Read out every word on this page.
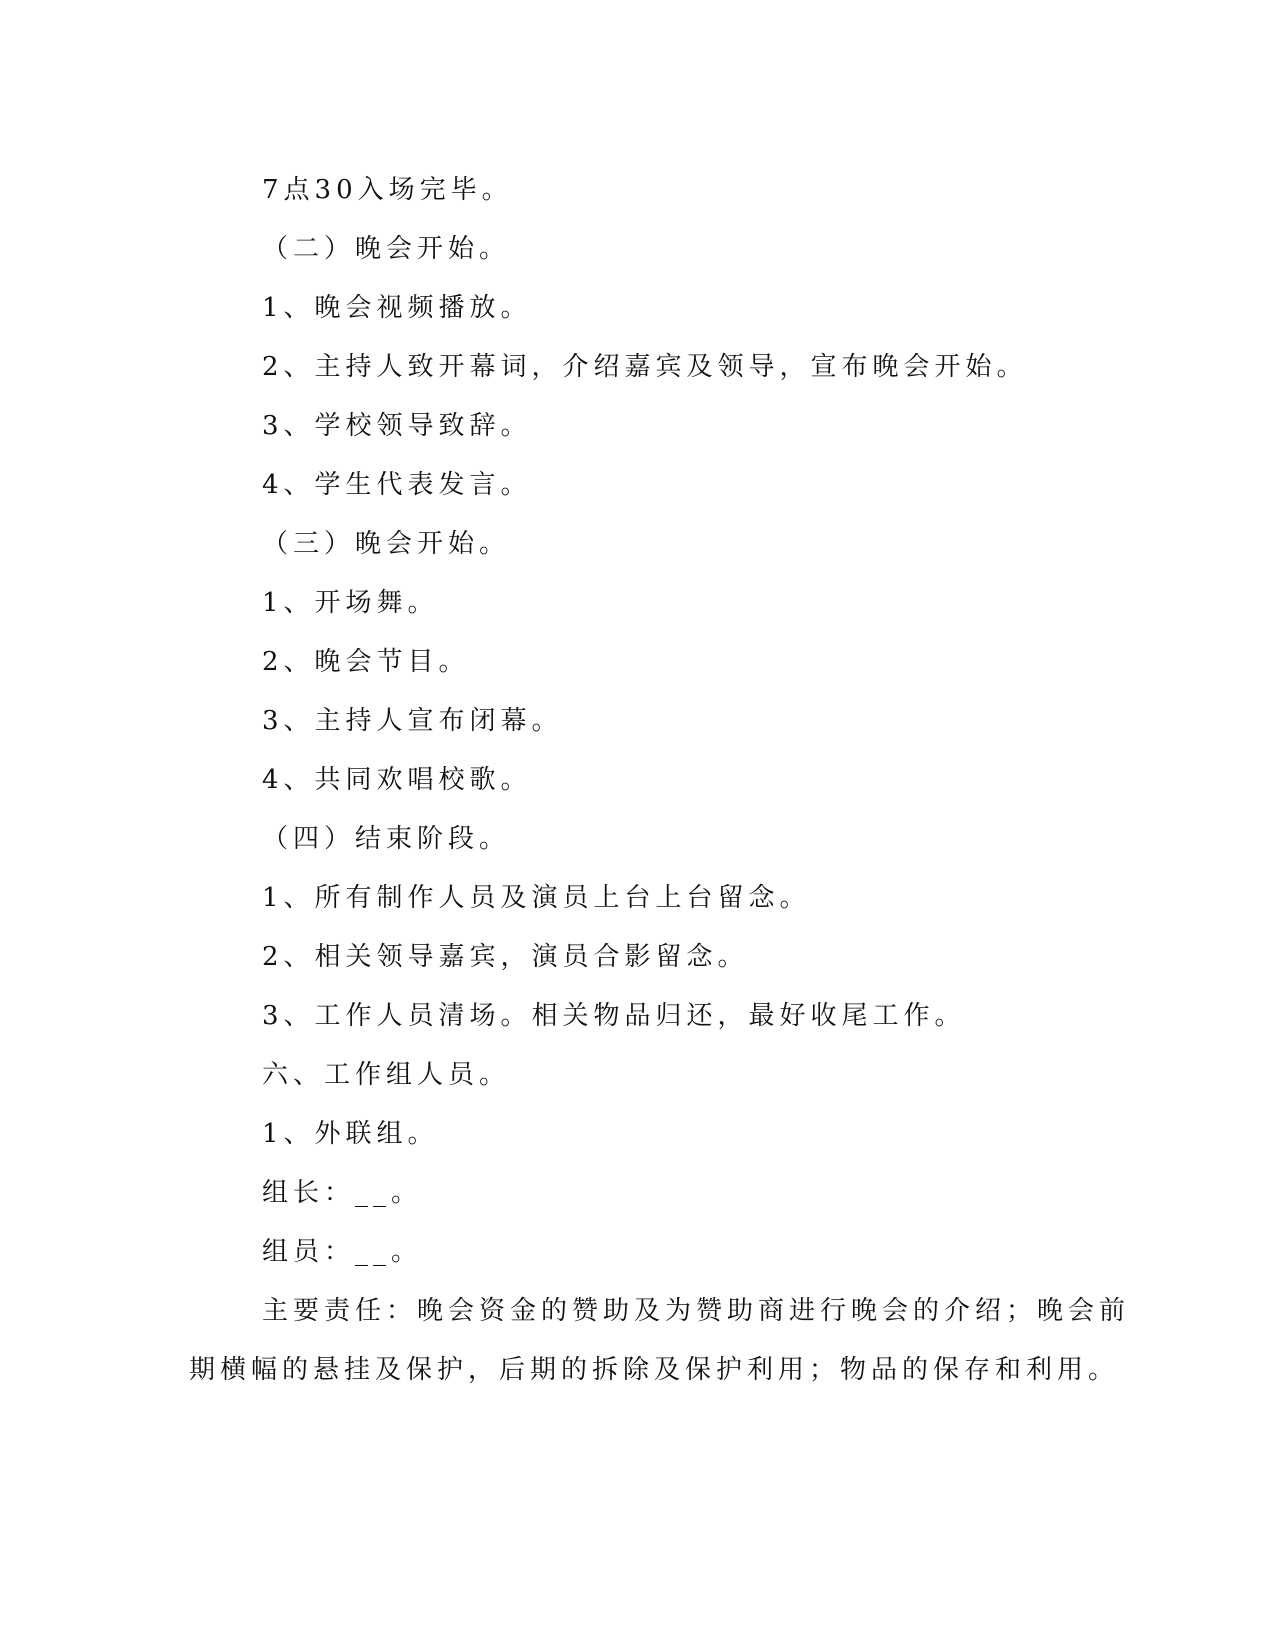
7点30入场完毕。
（二）晚会开始。
1、晚会视频播放。
2、主持人致开幕词，介绍嘉宾及领导，宣布晚会开始。
3、学校领导致辞。
4、学生代表发言。
（三）晚会开始。
1、开场舞。
2、晚会节目。
3、主持人宣布闭幕。
4、共同欢唱校歌。
（四）结束阶段。
1、所有制作人员及演员上台上台留念。
2、相关领导嘉宾，演员合影留念。
3、工作人员清场。相关物品归还，最好收尾工作。
六、工作组人员。
1、外联组。
组长：__。
组员：__。
主要责任：晚会资金的赞助及为赞助商进行晚会的介绍；晚会前
期横幅的悬挂及保护，后期的拆除及保护利用；物品的保存和利用。
